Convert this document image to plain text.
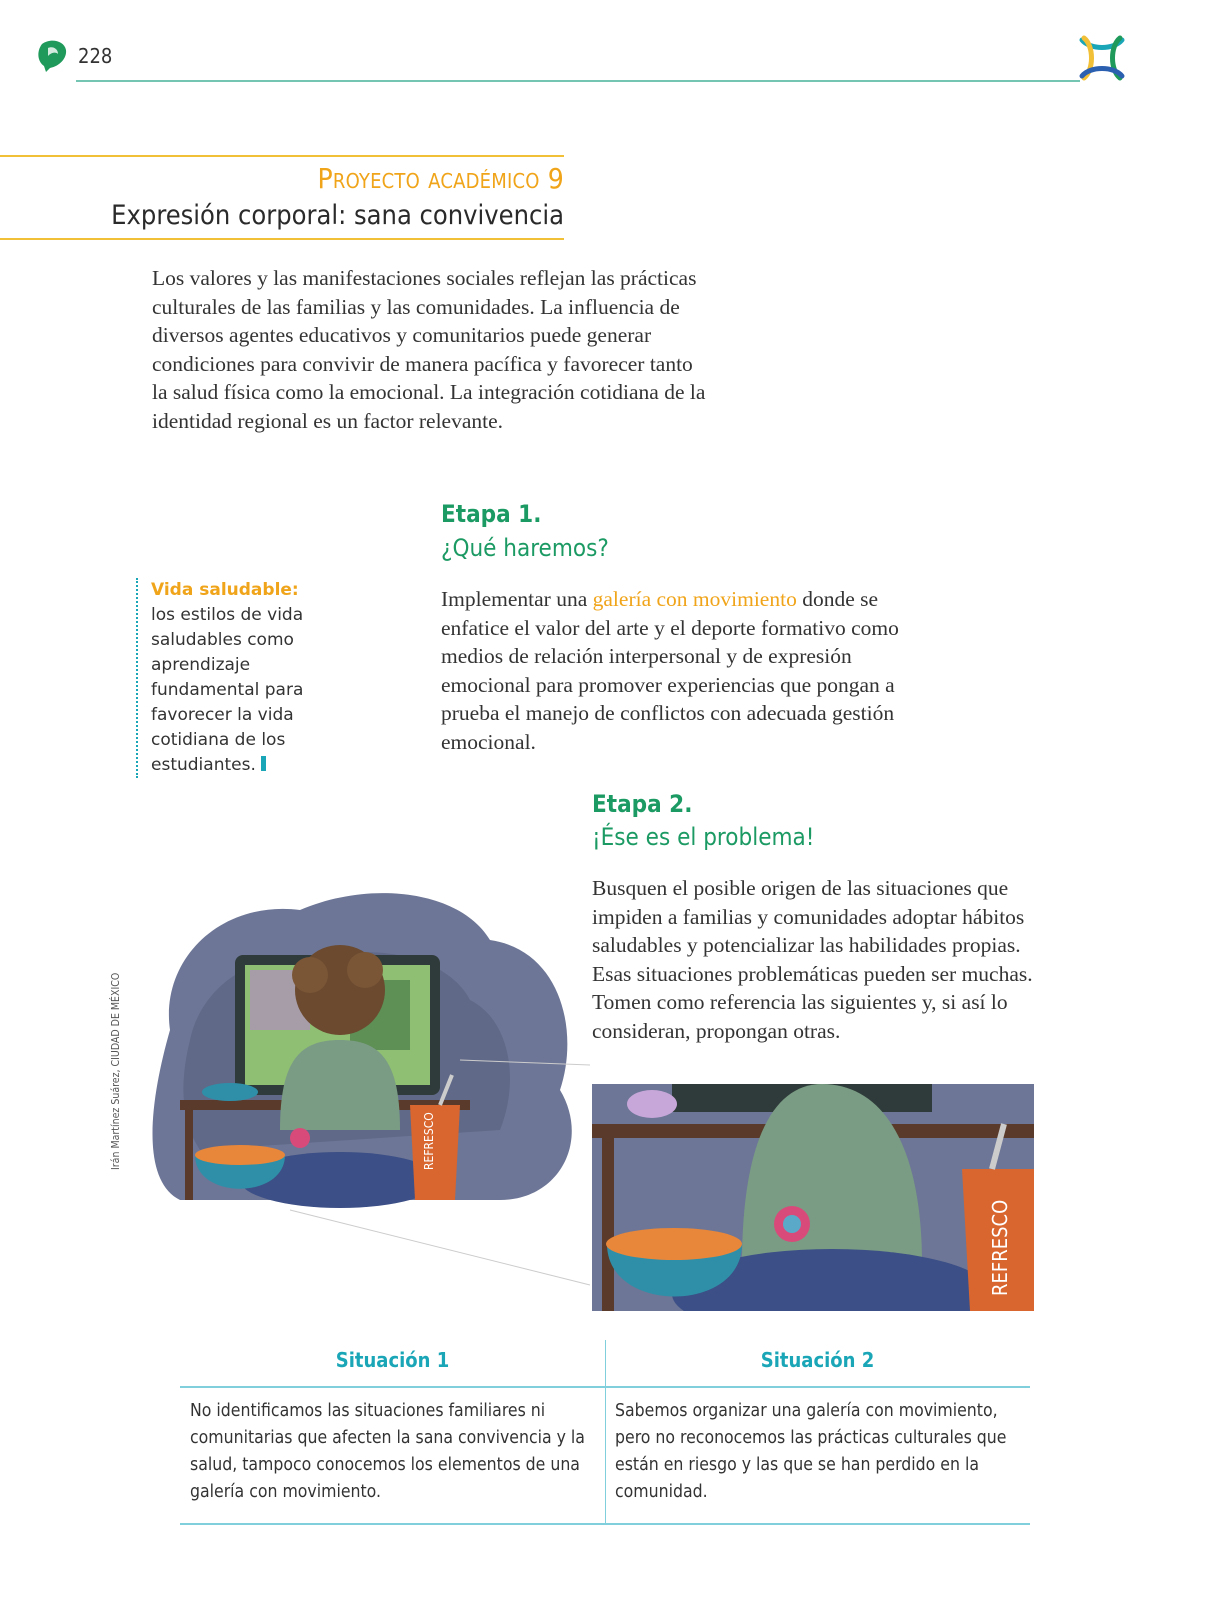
228
Proyecto académico 9
Expresión corporal: sana convivencia
Los valores y las manifestaciones sociales reflejan las prácticas culturales de las familias y las comunidades. La influencia de diversos agentes educativos y comunitarios puede generar condiciones para convivir de manera pacífica y favorecer tanto la salud física como la emocional. La integración cotidiana de la identidad regional es un factor relevante.
Vida saludable:
los estilos de vida saludables como aprendizaje fundamental para favorecer la vida cotidiana de los estudiantes.
Etapa 1.
¿Qué haremos?
Implementar una galería con movimiento donde se enfatice el valor del arte y el deporte formativo como medios de relación interpersonal y de expresión emocional para promover experiencias que pongan a prueba el manejo de conflictos con adecuada gestión emocional.
Etapa 2.
¡Ése es el problema!
Busquen el posible origen de las situaciones que impiden a familias y comunidades adoptar hábitos saludables y potencializar las habilidades propias. Esas situaciones problemáticas pueden ser muchas. Tomen como referencia las siguientes y, si así lo consideran, propongan otras.
Irán Martínez Suárez, CIUDAD DE MÉXICO	REFRESCO
REFRESCO
Situación 1
No identificamos las situaciones familiares ni comunitarias que afecten la sana convivencia y la salud, tampoco conocemos los elementos de una galería con movimiento.
Situación 2
Sabemos organizar una galería con movimiento, pero no reconocemos las prácticas culturales que están en riesgo y las que se han perdido en la comunidad.
